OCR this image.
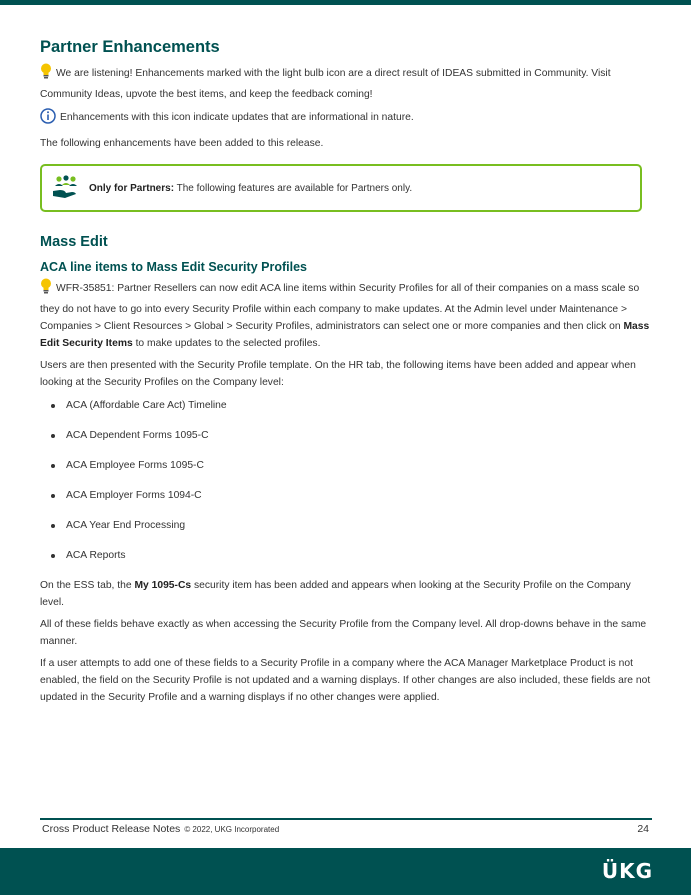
Partner Enhancements

We are listening! Enhancements marked with the light bulb icon are a direct result of IDEAS submitted in Community. Visit Community Ideas, upvote the best items, and keep the feedback coming!

Enhancements with this icon indicate updates that are informational in nature.

The following enhancements have been added to this release.

Only for Partners: The following features are available for Partners only.
Mass Edit
ACA line items to Mass Edit Security Profiles

WFR-35851: Partner Resellers can now edit ACA line items within Security Profiles for all of their companies on a mass scale so they do not have to go into every Security Profile within each company to make updates. At the Admin level under Maintenance > Companies > Client Resources > Global > Security Profiles, administrators can select one or more companies and then click on Mass Edit Security Items to make updates to the selected profiles.

Users are then presented with the Security Profile template. On the HR tab, the following items have been added and appear when looking at the Security Profiles on the Company level:

ACA (Affordable Care Act) Timeline
ACA Dependent Forms 1095-C
ACA Employee Forms 1095-C
ACA Employer Forms 1094-C
ACA Year End Processing
ACA Reports

On the ESS tab, the My 1095-Cs security item has been added and appears when looking at the Security Profile on the Company level.

All of these fields behave exactly as when accessing the Security Profile from the Company level. All drop-downs behave in the same manner.

If a user attempts to add one of these fields to a Security Profile in a company where the ACA Manager Marketplace Product is not enabled, the field on the Security Profile is not updated and a warning displays. If other changes are also included, these fields are not updated in the Security Profile and a warning displays if no other changes were applied.

Cross Product Release Notes © 2022, UKG Incorporated	24
ÜKG
